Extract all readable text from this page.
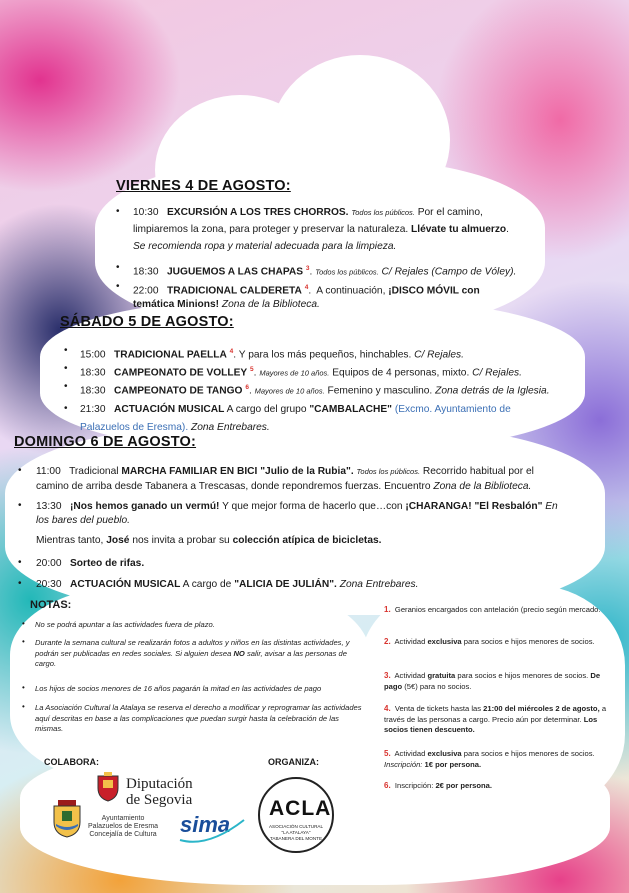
VIERNES 4 DE AGOSTO:
• 10:30 EXCURSIÓN A LOS TRES CHORROS. Todos los públicos. Por el camino,
limpiaremos la zona, para proteger y preservar la naturaleza. Llévate tu almuerzo.
Se recomienda ropa y material adecuada para la limpieza.
• 18:30 JUGUEMOS A LAS CHAPAS $^3$. Todos los públicos. C/ Rejales (Campo de Vóley).
• 22:00 TRADICIONAL CALDERETA $^4$.  A continuación, ¡DISCO MÓVIL con
temática Minions! Zona de la Biblioteca.
SÁBADO 5 DE AGOSTO:
• 15:00 TRADICIONAL PAELLA $^4$. Y para los más pequeños, hinchables. C/ Rejales.
• 18:30 CAMPEONATO DE VOLLEY $^5$. Mayores de 10 años. Equipos de 4 personas, mixto. C/ Rejales.
• 18:30 CAMPEONATO DE TANGO $^6$. Mayores de 10 años. Femenino y masculino. Zona detrás de la Iglesia.
• 21:30 ACTUACIÓN MUSICAL A cargo del grupo "CAMBALACHE" (Excmo. Ayuntamiento de
Palazuelos de Eresma). Zona Entrebares.
DOMINGO 6 DE AGOSTO:
• 11:00 Tradicional MARCHA FAMILIAR EN BICI "Julio de la Rubia". Todos los públicos. Recorrido habitual por el
camino de arriba desde Tabanera a Trescasas, donde repondremos fuerzas. Encuentro Zona de la Biblioteca.
• 13:30 ¡Nos hemos ganado un vermú! Y que mejor forma de hacerlo que…con ¡CHARANGA! "El Resbalón" En
los bares del pueblo.
Mientras tanto, José nos invita a probar su colección atípica de bicicletas.
• 20:00 Sorteo de rifas.
• 20:30 ACTUACIÓN MUSICAL A cargo de "ALICIA DE JULIÁN". Zona Entrebares.
NOTAS:
• No se podrá apuntar a las actividades fuera de plazo.
• Durante la semana cultural se realizarán fotos a adultos y niños en las distintas actividades, y podrán ser publicadas en redes sociales. Si alguien desea NO salir, avisar a las personas de cargo.
• Los hijos de socios menores de 16 años pagarán la mitad en las actividades de pago
• La Asociación Cultural la Atalaya se reserva el derecho a modificar y reprogramar las actividades aquí descritas en base a las complicaciones que puedan surgir hasta la celebración de las mismas.
1. Geranios encargados con antelación (precio según mercado.
2. Actividad exclusiva para socios e hijos menores de socios.
3. Actividad gratuita para socios e hijos menores de socios. De pago (5€) para no socios.
4. Venta de tickets hasta las 21:00 del miércoles 2 de agosto, a través de las personas a cargo. Precio aún por determinar. Los socios tienen descuento.
5. Actividad exclusiva para socios e hijos menores de socios. Inscripción: 1€ por persona.
6. Inscripción: 2€ por persona.
COLABORA:	ORGANIZA:
Diputación
de Segovia
Ayuntamiento
Palazuelos de Eresma
Concejalía de Cultura sima
ACLA
ASOCIACIÓN CULTURAL
"LA ATALAYA"
TABANERA DEL MONTE
